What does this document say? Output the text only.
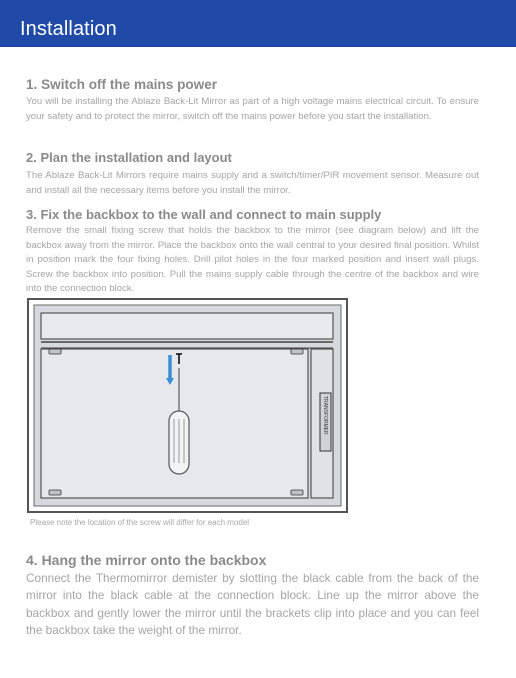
Installation
1. Switch off the mains power

You will be installing the Ablaze Back-Lit Mirror as part of a high voltage mains electrical circuit. To ensure your safety and to protect the mirror, switch off the mains power before you start the installation.

2. Plan the installation and layout

The Ablaze Back-Lit Mirrors require mains supply and a switch/timer/PIR movement sensor. Measure out and install all the necessary items before you install the mirror.

3. Fix the backbox to the wall and connect to main supply

Remove the small fixing screw that holds the backbox to the mirror (see diagram below) and lift the backbox away from the mirror. Place the backbox onto the wall central to your desired final position. Whilst in position mark the four fixing holes. Drill pilot holes in the four marked position and insert wall plugs. Screw the backbox into position. Pull the mains supply cable through the centre of the backbox and wire into the connection block.

TRANSFORMER
Please note the location of the screw will differ for each model
4. Hang the mirror onto the backbox

Connect the Thermomirror demister by slotting the black cable from the back of the mirror into the black cable at the connection block. Line up the mirror above the backbox and gently lower the mirror until the brackets clip into place and you can feel the backbox take the weight of the mirror.
